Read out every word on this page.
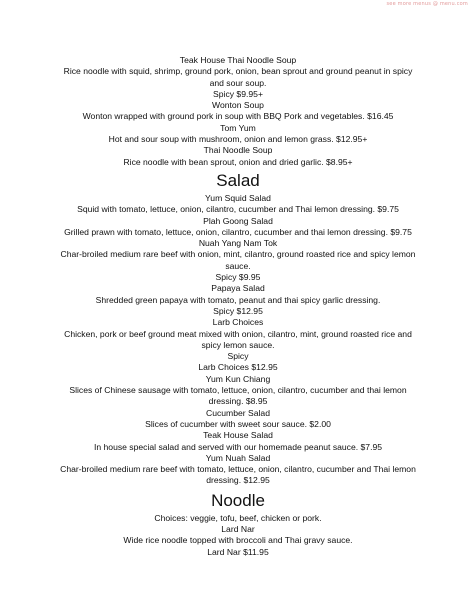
see more menus @ menu.com

Teak House Thai Noodle Soup

Rice noodle with squid, shrimp, ground pork, onion, bean sprout and ground peanut in spicy and sour soup.

Spicy $9.95+

Wonton Soup

Wonton wrapped with ground pork in soup with BBQ Pork and vegetables. $16.45

Tom Yum

Hot and sour soup with mushroom, onion and lemon grass. $12.95+

Thai Noodle Soup

Rice noodle with bean sprout, onion and dried garlic. $8.95+

Salad

Yum Squid Salad

Squid with tomato, lettuce, onion, cilantro, cucumber and Thai lemon dressing. $9.75

Plah Goong Salad

Grilled prawn with tomato, lettuce, onion, cilantro, cucumber and thai lemon dressing. $9.75

Nuah Yang Nam Tok

Char-broiled medium rare beef with onion, mint, cilantro, ground roasted rice and spicy lemon sauce.

Spicy $9.95

Papaya Salad

Shredded green papaya with tomato, peanut and thai spicy garlic dressing.

Spicy $12.95

Larb Choices

Chicken, pork or beef ground meat mixed with onion, cilantro, mint, ground roasted rice and spicy lemon sauce.

Spicy

Larb Choices $12.95

Yum Kun Chiang

Slices of Chinese sausage with tomato, lettuce, onion, cilantro, cucumber and thai lemon dressing. $8.95

Cucumber Salad

Slices of cucumber with sweet sour sauce. $2.00

Teak House Salad

In house special salad and served with our homemade peanut sauce. $7.95

Yum Nuah Salad

Char-broiled medium rare beef with tomato, lettuce, onion, cilantro, cucumber and Thai lemon dressing. $12.95

Noodle

Choices: veggie, tofu, beef, chicken or pork.

Lard Nar

Wide rice noodle topped with broccoli and Thai gravy sauce.

Lard Nar $11.95
